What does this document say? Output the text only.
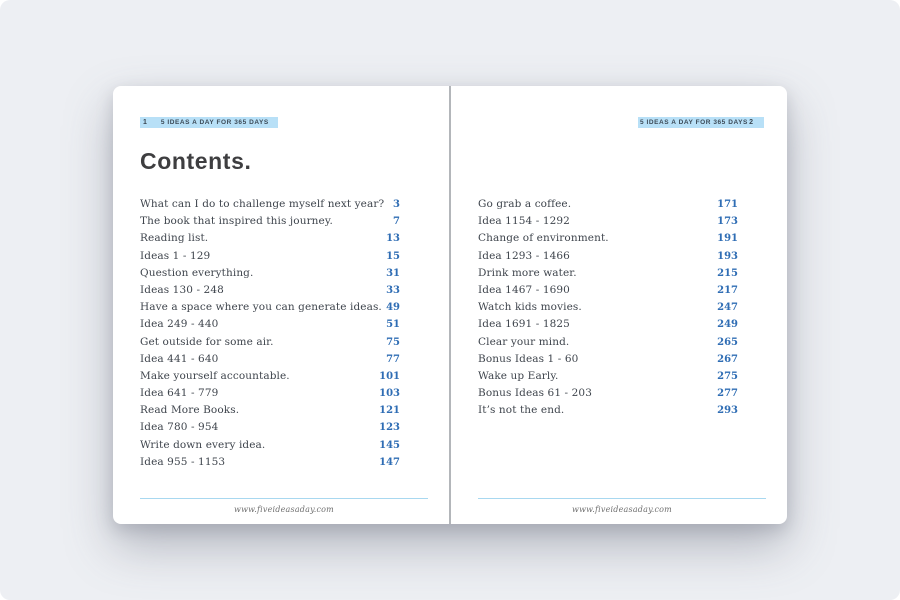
1 5 IDEAS A DAY FOR 365 DAYS
Contents.
What can I do to challenge myself next year? 3
The book that inspired this journey.	7
Reading list.	13
Ideas 1 - 129	15
Question everything.	31
Ideas 130 - 248	33
Have a space where you can generate ideas. 49
Idea 249 - 440	51
Get outside for some air.	75
Idea 441 - 640	77
Make yourself accountable.	101
Idea 641 - 779	103
Read More Books.	121
Idea 780 - 954	123
Write down every idea.	145
Idea 955 - 1153	147
www.fiveideasaday.com
5 IDEAS A DAY FOR 365 DAYS 2
Go grab a coffee.	171
Idea 1154 - 1292	173
Change of environment.	191
Idea 1293 - 1466	193
Drink more water.	215
Idea 1467 - 1690	217
Watch kids movies.	247
Idea 1691 - 1825	249
Clear your mind.	265
Bonus Ideas 1 - 60	267
Wake up Early.	275
Bonus Ideas 61 - 203	277
It’s not the end.	293
www.fiveideasaday.com
